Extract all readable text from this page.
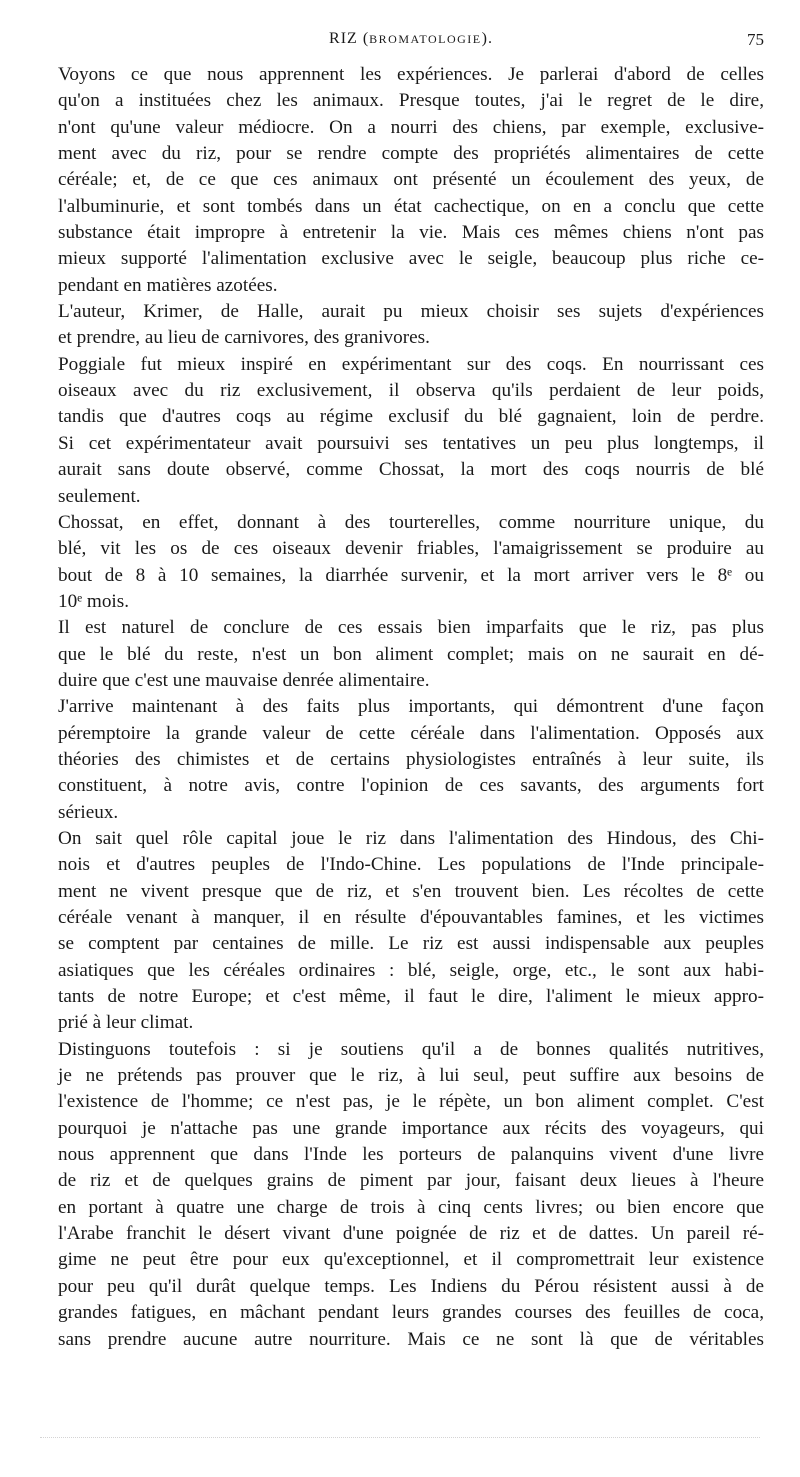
RIZ (BROMATOLOGIE).	75

Voyons ce que nous apprennent les expériences. Je parlerai d'abord de celles
qu'on a instituées chez les animaux. Presque toutes, j'ai le regret de le dire,
n'ont qu'une valeur médiocre. On a nourri des chiens, par exemple, exclusive-
ment avec du riz, pour se rendre compte des propriétés alimentaires de cette
céréale; et, de ce que ces animaux ont présenté un écoulement des yeux, de
l'albuminurie, et sont tombés dans un état cachectique, on en a conclu que cette
substance était impropre à entretenir la vie. Mais ces mêmes chiens n'ont pas
mieux supporté l'alimentation exclusive avec le seigle, beaucoup plus riche ce-
pendant en matières azotées.

L'auteur, Krimer, de Halle, aurait pu mieux choisir ses sujets d'expériences
et prendre, au lieu de carnivores, des granivores.

Poggiale fut mieux inspiré en expérimentant sur des coqs. En nourrissant ces
oiseaux avec du riz exclusivement, il observa qu'ils perdaient de leur poids,
tandis que d'autres coqs au régime exclusif du blé gagnaient, loin de perdre.
Si cet expérimentateur avait poursuivi ses tentatives un peu plus longtemps, il
aurait sans doute observé, comme Chossat, la mort des coqs nourris de blé
seulement.

Chossat, en effet, donnant à des tourterelles, comme nourriture unique, du
blé, vit les os de ces oiseaux devenir friables, l'amaigrissement se produire au
bout de 8 à 10 semaines, la diarrhée survenir, et la mort arriver vers le 8ᵉ ou
10ᵉ mois.

Il est naturel de conclure de ces essais bien imparfaits que le riz, pas plus
que le blé du reste, n'est un bon aliment complet; mais on ne saurait en dé-
duire que c'est une mauvaise denrée alimentaire.

J'arrive maintenant à des faits plus importants, qui démontrent d'une façon
péremptoire la grande valeur de cette céréale dans l'alimentation. Opposés aux
théories des chimistes et de certains physiologistes entraînés à leur suite, ils
constituent, à notre avis, contre l'opinion de ces savants, des arguments fort
sérieux.

On sait quel rôle capital joue le riz dans l'alimentation des Hindous, des Chi-
nois et d'autres peuples de l'Indo-Chine. Les populations de l'Inde principale-
ment ne vivent presque que de riz, et s'en trouvent bien. Les récoltes de cette
céréale venant à manquer, il en résulte d'épouvantables famines, et les victimes
se comptent par centaines de mille. Le riz est aussi indispensable aux peuples
asiatiques que les céréales ordinaires : blé, seigle, orge, etc., le sont aux habi-
tants de notre Europe; et c'est même, il faut le dire, l'aliment le mieux appro-
prié à leur climat.

Distinguons toutefois : si je soutiens qu'il a de bonnes qualités nutritives,
je ne prétends pas prouver que le riz, à lui seul, peut suffire aux besoins de
l'existence de l'homme; ce n'est pas, je le répète, un bon aliment complet. C'est
pourquoi je n'attache pas une grande importance aux récits des voyageurs, qui
nous apprennent que dans l'Inde les porteurs de palanquins vivent d'une livre
de riz et de quelques grains de piment par jour, faisant deux lieues à l'heure
en portant à quatre une charge de trois à cinq cents livres; ou bien encore que
l'Arabe franchit le désert vivant d'une poignée de riz et de dattes. Un pareil ré-
gime ne peut être pour eux qu'exceptionnel, et il compromettrait leur existence
pour peu qu'il durât quelque temps. Les Indiens du Pérou résistent aussi à de
grandes fatigues, en mâchant pendant leurs grandes courses des feuilles de coca,
sans prendre aucune autre nourriture. Mais ce ne sont là que de véritables
